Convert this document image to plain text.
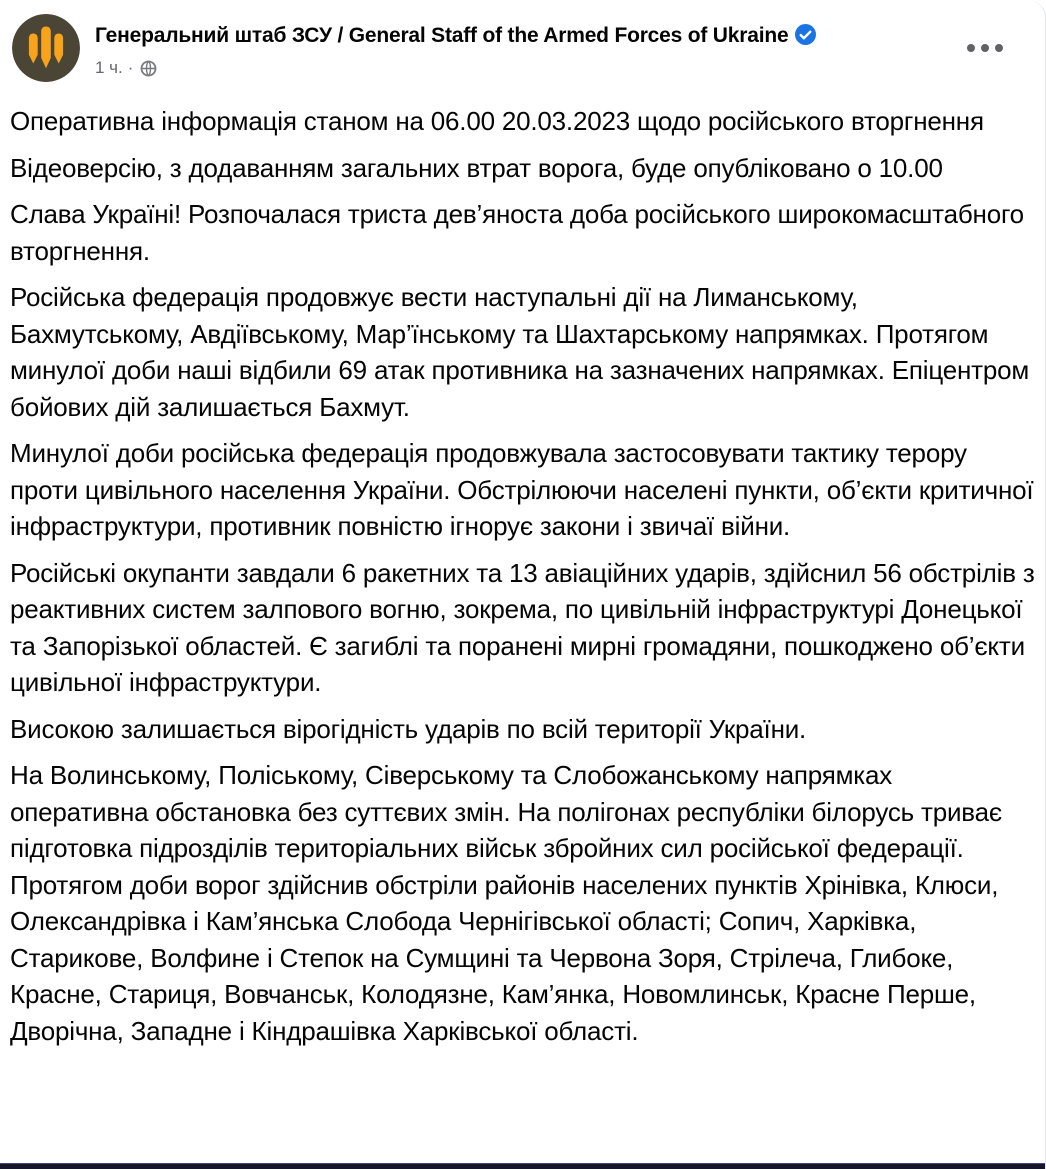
Генеральний штаб ЗСУ / General Staff of the Armed Forces of Ukraine
1 ч. ·

Оперативна інформація станом на 06.00 20.03.2023 щодо російського вторгнення

Відеоверсію, з додаванням загальних втрат ворога, буде опубліковано о 10.00

Слава Україні! Розпочалася триста дев’яноста доба російського широкомасштабного вторгнення.

Російська федерація продовжує вести наступальні дії на Лиманському, Бахмутському, Авдіївському, Мар’їнському та Шахтарському напрямках. Протягом минулої доби наші відбили 69 атак противника на зазначених напрямках. Епіцентром бойових дій залишається Бахмут.

Минулої доби російська федерація продовжувала застосовувати тактику терору проти цивільного населення України. Обстрілюючи населені пункти, об’єкти критичної інфраструктури, противник повністю ігнорує закони і звичаї війни.

Російські окупанти завдали 6 ракетних та 13 авіаційних ударів, здійснил 56 обстрілів з реактивних систем залпового вогню, зокрема, по цивільній інфраструктурі Донецької та Запорізької областей. Є загиблі та поранені мирні громадяни, пошкоджено об’єкти цивільної інфраструктури.

Високою залишається вірогідність ударів по всій території України.

На Волинському, Поліському, Сіверському та Слобожанському напрямках оперативна обстановка без суттєвих змін. На полігонах республіки білорусь триває підготовка підрозділів територіальних військ збройних сил російської федерації. Протягом доби ворог здійснив обстріли районів населених пунктів Хрінівка, Клюси, Олександрівка і Кам’янська Слобода Чернігівської області; Сопич, Харківка, Старикове, Волфине і Степок на Сумщині та Червона Зоря, Стрілеча, Глибоке, Красне, Стариця, Вовчанськ, Колодязне, Кам’янка, Новомлинськ, Красне Перше,  Дворічна, Западне і Кіндрашівка Харківської області.
